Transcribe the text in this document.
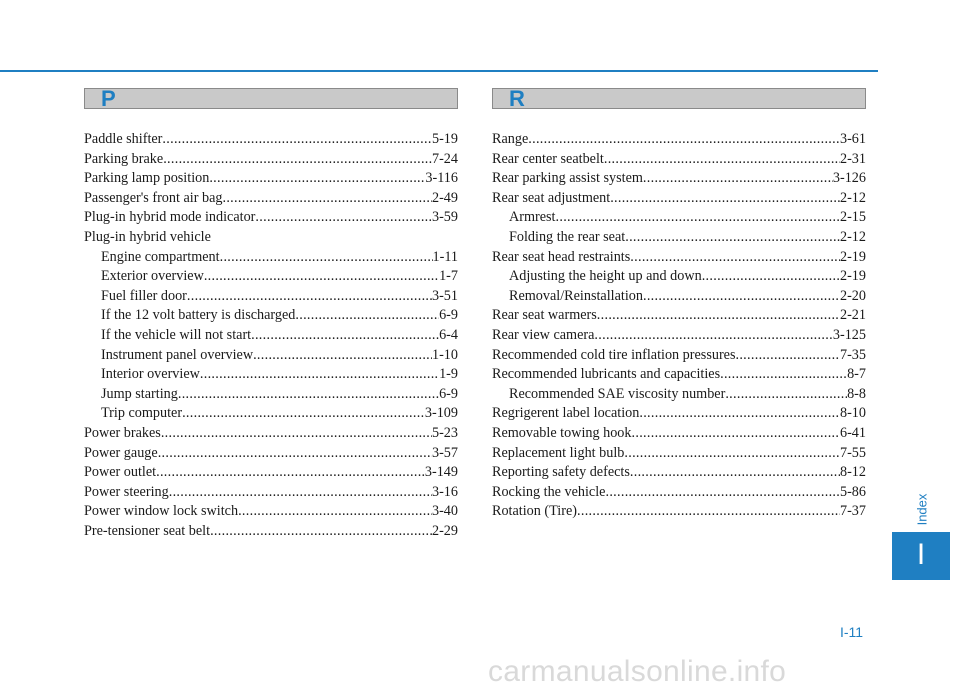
P	R
Paddle shifter .....	5-19
Parking brake .....	7-24
Parking lamp position .....	3-116
Passenger's front air bag .....	2-49
Plug-in hybrid mode indicator .....	3-59
Plug-in hybrid vehicle
Engine compartment .....	1-11
Exterior overview .....	1-7
Fuel filler door .....	3-51
If the 12 volt battery is discharged .....	6-9
If the vehicle will not start .....	6-4
Instrument panel overview .....	1-10
Interior overview .....	1-9
Jump starting .....	6-9
Trip computer .....	3-109
Power brakes .....	5-23
Power gauge .....	3-57
Power outlet .....	3-149
Power steering .....	3-16
Power window lock switch .....	3-40
Pre-tensioner seat belt .....	2-29
Range .....	3-61
Rear center seatbelt .....	2-31
Rear parking assist system .....	3-126
Rear seat adjustment .....	2-12
Armrest .....	2-15
Folding the rear seat .....	2-12
Rear seat head restraints .....	2-19
Adjusting the height up and down .....	2-19
Removal/Reinstallation .....	2-20
Rear seat warmers .....	2-21
Rear view camera .....	3-125
Recommended cold tire inflation pressures .....	7-35
Recommended lubricants and capacities .....	8-7
Recommended SAE viscosity number .....	8-8
Regrigerent label location .....	8-10
Removable towing hook .....	6-41
Replacement light bulb .....	7-55
Reporting safety defects .....	8-12
Rocking the vehicle .....	5-86
Rotation (Tire) .....	7-37	Index
I
I-11
carmanualsonline.info
